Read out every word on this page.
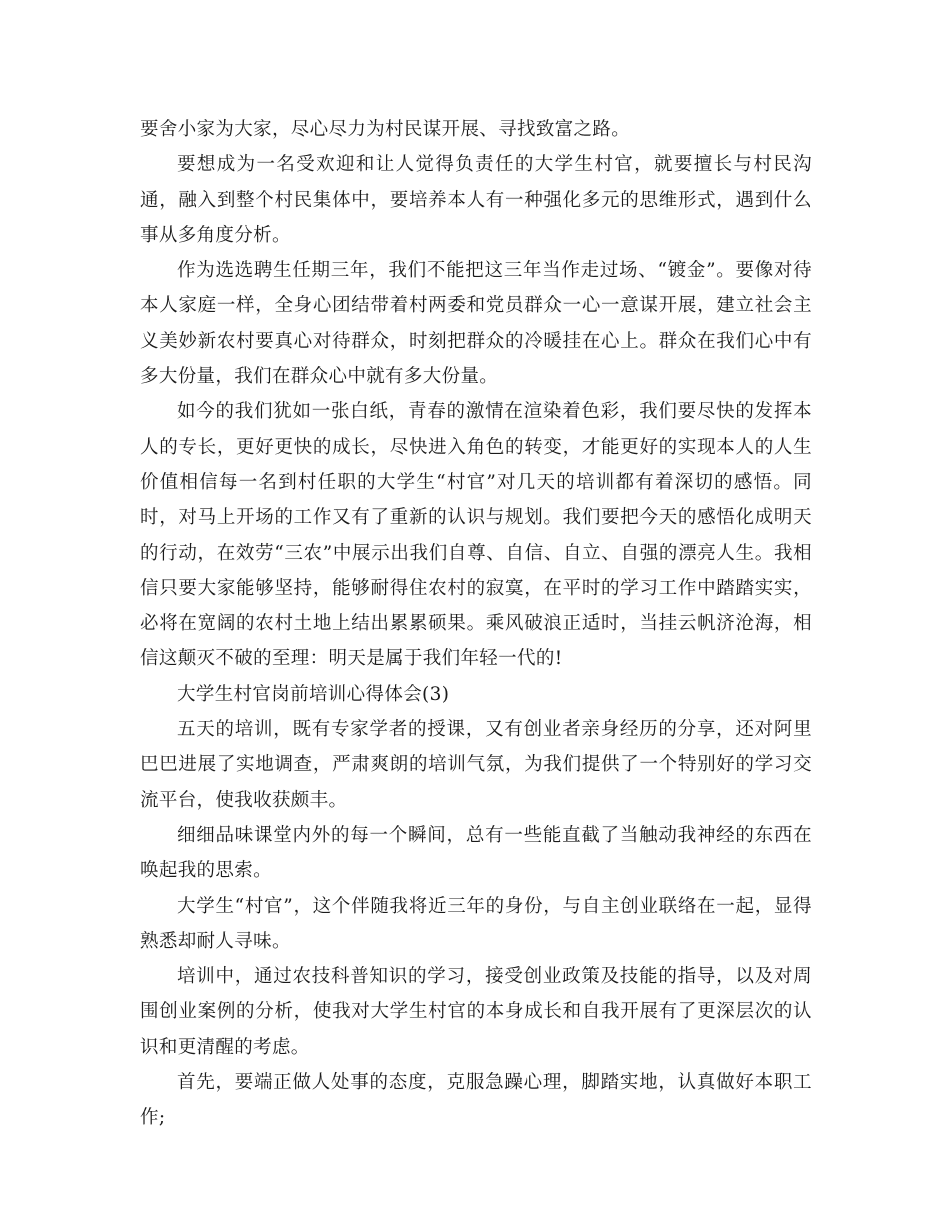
要舍小家为大家，尽心尽力为村民谋开展、寻找致富之路。

要想成为一名受欢迎和让人觉得负责任的大学生村官，就要擅长与村民沟通，融入到整个村民集体中，要培养本人有一种强化多元的思维形式，遇到什么事从多角度分析。

作为选选聘生任期三年，我们不能把这三年当作走过场、“镀金”。要像对待本人家庭一样，全身心团结带着村两委和党员群众一心一意谋开展，建立社会主义美妙新农村要真心对待群众，时刻把群众的冷暖挂在心上。群众在我们心中有多大份量，我们在群众心中就有多大份量。

如今的我们犹如一张白纸，青春的激情在渲染着色彩，我们要尽快的发挥本人的专长，更好更快的成长，尽快进入角色的转变，才能更好的实现本人的人生价值相信每一名到村任职的大学生“村官”对几天的培训都有着深切的感悟。同时，对马上开场的工作又有了重新的认识与规划。我们要把今天的感悟化成明天的行动，在效劳“三农”中展示出我们自尊、自信、自立、自强的漂亮人生。我相信只要大家能够坚持，能够耐得住农村的寂寞，在平时的学习工作中踏踏实实，必将在宽阔的农村土地上结出累累硕果。乘风破浪正适时，当挂云帆济沧海，相信这颠灭不破的至理：明天是属于我们年轻一代的!

大学生村官岗前培训心得体会(3)

五天的培训，既有专家学者的授课，又有创业者亲身经历的分享，还对阿里巴巴进展了实地调查，严肃爽朗的培训气氛，为我们提供了一个特别好的学习交流平台，使我收获颇丰。

细细品味课堂内外的每一个瞬间，总有一些能直截了当触动我神经的东西在唤起我的思索。

大学生“村官”，这个伴随我将近三年的身份，与自主创业联络在一起，显得熟悉却耐人寻味。

培训中，通过农技科普知识的学习，接受创业政策及技能的指导，以及对周围创业案例的分析，使我对大学生村官的本身成长和自我开展有了更深层次的认识和更清醒的考虑。

首先，要端正做人处事的态度，克服急躁心理，脚踏实地，认真做好本职工作;
